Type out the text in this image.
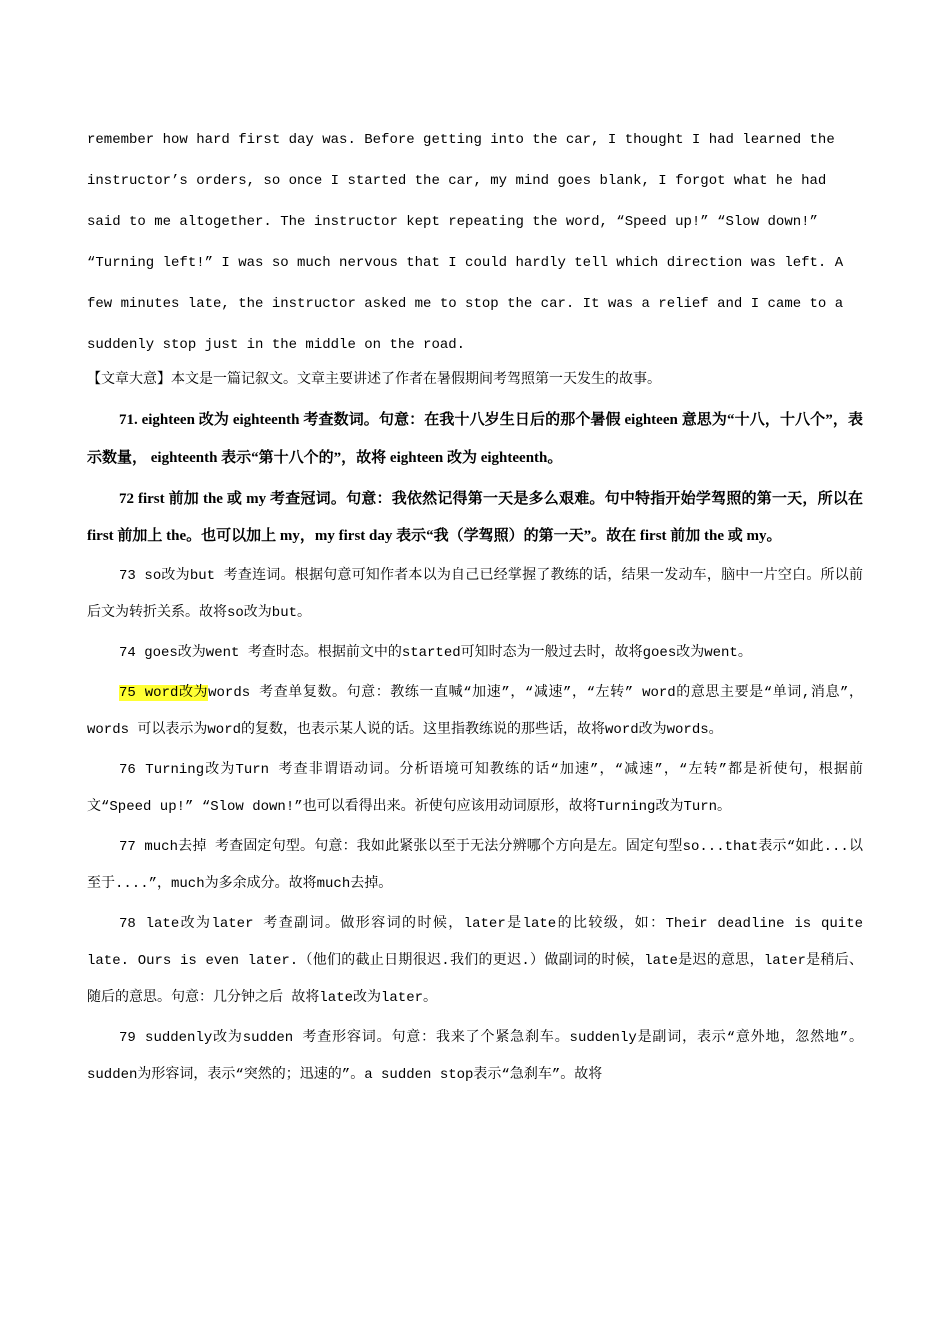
remember how hard first day was. Before getting into the car, I thought I had learned the

instructor’s orders, so once I started the car, my mind goes blank, I forgot what he had

said to me altogether. The instructor kept repeating the word, “Speed up!” “Slow down!”

“Turning left!” I was so much nervous that I could hardly tell which direction was left. A

few minutes late, the instructor asked me to stop the car. It was a relief and I came to a

suddenly stop just in the middle on the road.

【文章大意】本文是一篇记叙文。文章主要讲述了作者在暑假期间考驾照第一天发生的故事。

71. eighteen 改为 eighteenth 考查数词。句意：在我十八岁生日后的那个暑假 eighteen 意思为“十八，十八个”，表示数量， eighteenth 表示“第十八个的”，故将 eighteen 改为 eighteenth。

72 first 前加 the 或 my 考查冠词。句意：我依然记得第一天是多么艰难。句中特指开始学驾照的第一天，所以在 first 前加上 the。也可以加上 my，my first day 表示“我（学驾照）的第一天”。故在 first 前加 the 或 my。

73 so改为but 考查连词。根据句意可知作者本以为自己已经掌握了教练的话，结果一发动车，脑中一片空白。所以前后文为转折关系。故将so改为but。

74 goes改为went 考查时态。根据前文中的started可知时态为一般过去时，故将goes改为went。

75 word改为words 考查单复数。句意：教练一直喊“加速”，“减速”，“左转” word的意思主要是“单词,消息”，words 可以表示为word的复数，也表示某人说的话。这里指教练说的那些话，故将word改为words。

76 Turning改为Turn 考查非谓语动词。分析语境可知教练的话“加速”，“减速”，“左转”都是祈使句，根据前文“Speed up!” “Slow down!”也可以看得出来。祈使句应该用动词原形，故将Turning改为Turn。

77 much去掉 考查固定句型。句意：我如此紧张以至于无法分辨哪个方向是左。固定句型so...that表示“如此...以至于....”，much为多余成分。故将much去掉。

78 late改为later 考查副词。做形容词的时候，later是late的比较级，如：Their deadline is quite late. Ours is even later.（他们的截止日期很迟.我们的更迟.）做副词的时候，late是迟的意思，later是稍后、随后的意思。句意：几分钟之后 故将late改为later。

79 suddenly改为sudden 考查形容词。句意：我来了个紧急刹车。suddenly是副词，表示“意外地，忽然地”。 sudden为形容词，表示“突然的；迅速的”。a sudden stop表示“急刹车”。故将
